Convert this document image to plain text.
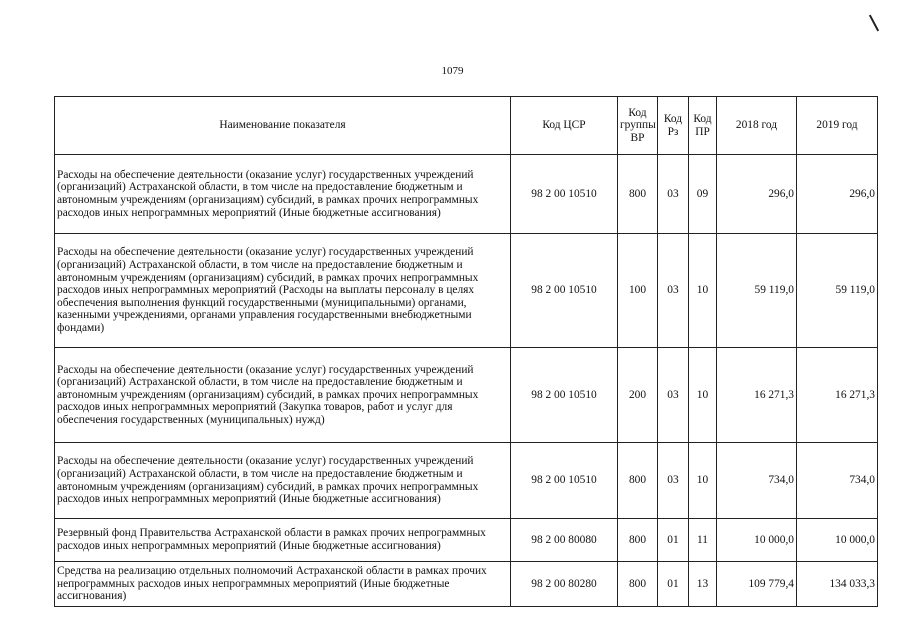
1079
Наименование показателя	Код ЦСР	Код группы ВР	Код Рз	Код ПР	2018 год	2019 год
Расходы на обеспечение деятельности (оказание услуг) государственных учреждений (организаций) Астраханской области, в том числе на предоставление бюджетным и автономным учреждениям (организациям) субсидий, в рамках прочих непрограммных расходов иных непрограммных мероприятий (Иные бюджетные ассигнования)	98 2 00 10510	800	03	09	296,0	296,0
Расходы на обеспечение деятельности (оказание услуг) государственных учреждений (организаций) Астраханской области, в том числе на предоставление бюджетным и автономным учреждениям (организациям) субсидий, в рамках прочих непрограммных расходов иных непрограммных мероприятий (Расходы на выплаты персоналу в целях обеспечения выполнения функций государственными (муниципальными) органами, казенными учреждениями, органами управления государственными внебюджетными фондами)	98 2 00 10510	100	03	10	59 119,0	59 119,0
Расходы на обеспечение деятельности (оказание услуг) государственных учреждений (организаций) Астраханской области, в том числе на предоставление бюджетным и автономным учреждениям (организациям) субсидий, в рамках прочих непрограммных расходов иных непрограммных мероприятий (Закупка товаров, работ и услуг для обеспечения государственных (муниципальных) нужд)	98 2 00 10510	200	03	10	16 271,3	16 271,3
Расходы на обеспечение деятельности (оказание услуг) государственных учреждений (организаций) Астраханской области, в том числе на предоставление бюджетным и автономным учреждениям (организациям) субсидий, в рамках прочих непрограммных расходов иных непрограммных мероприятий (Иные бюджетные ассигнования)	98 2 00 10510	800	03	10	734,0	734,0
Резервный фонд Правительства Астраханской области в рамках прочих непрограммных расходов иных непрограммных мероприятий (Иные бюджетные ассигнования)	98 2 00 80080	800	01	11	10 000,0	10 000,0
Средства на реализацию отдельных полномочий Астраханской области в рамках прочих непрограммных расходов иных непрограммных мероприятий (Иные бюджетные ассигнования)	98 2 00 80280	800	01	13	109 779,4	134 033,3
